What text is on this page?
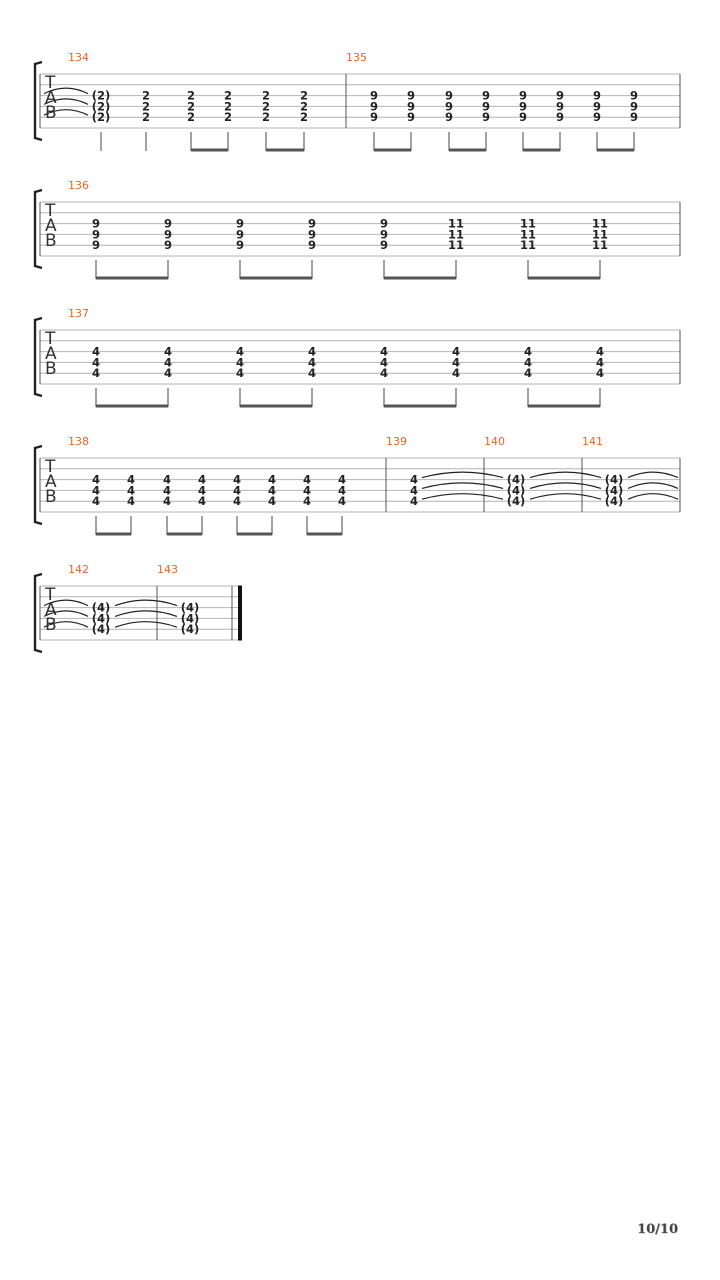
T
A
B
134
(2)
(2)
(2)
2
2
2
2
2
2
2
2
2
2
2
2
2
2
2
135
9
9
9
9
9
9
9
9
9
9
9
9
9
9
9
9
9
9
9
9
9
9
9
9
T
A
B
136
9
9
9
9
9
9
9
9
9
9
9
9
9
9
9
11
11
11
11
11
11
11
11
11
T
A
B
137
4
4
4
4
4
4
4
4
4
4
4
4
4
4
4
4
4
4
4
4
4
4
4
4
T
A
B
138
4
4
4
4
4
4
4
4
4
4
4
4
4
4
4
4
4
4
4
4
4
4
4
4
139
4
4
4
140
(4)
(4)
(4)
141
(4)
(4)
(4)
T
A
B
142
(4)
(4)
(4)
143
(4)
(4)
(4)
10/10
